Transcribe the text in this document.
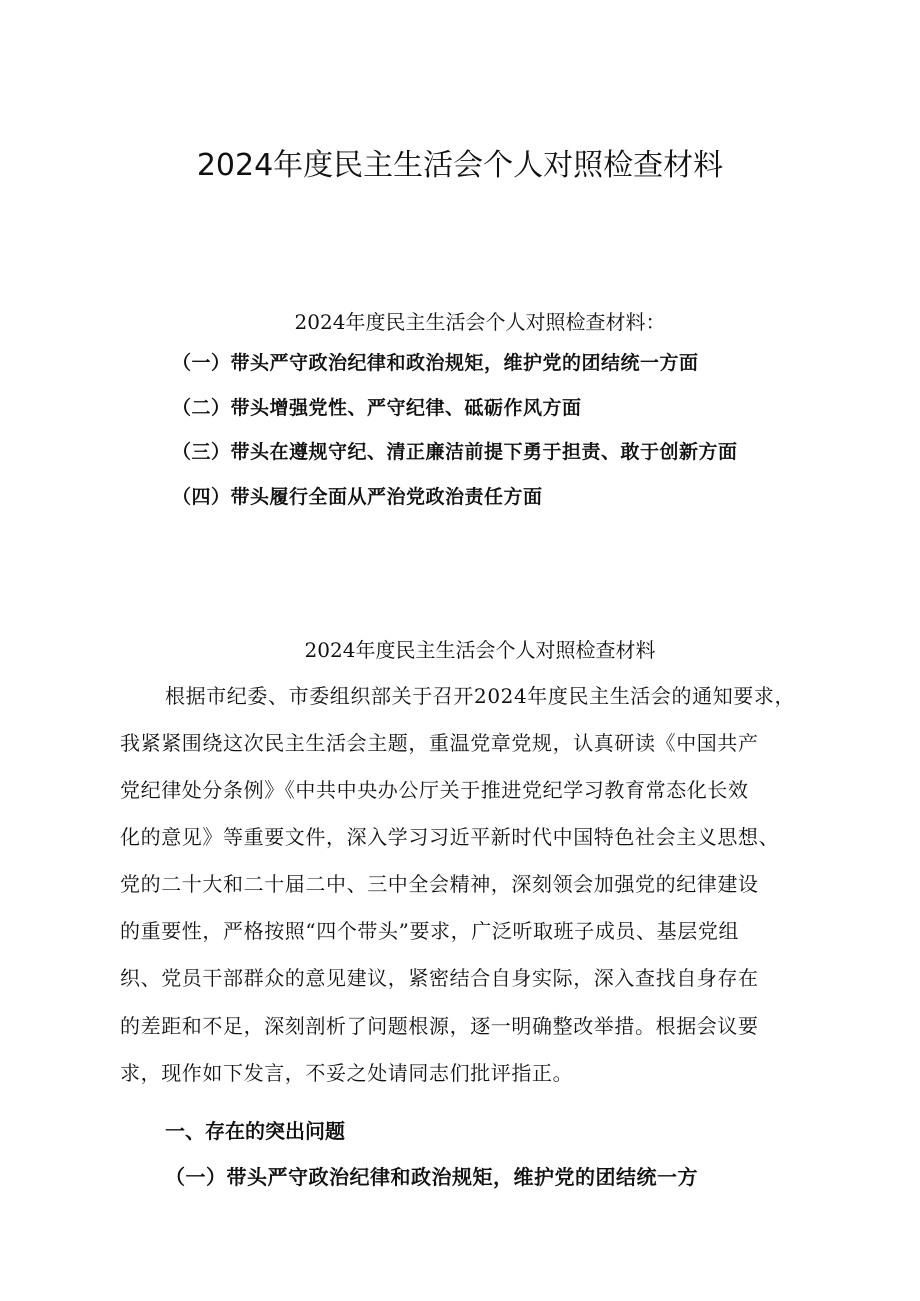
2024年度民主生活会个人对照检查材料
2024年度民主生活会个人对照检查材料：
（一）带头严守政治纪律和政治规矩，维护党的团结统一方面
（二）带头增强党性、严守纪律、砥砺作风方面
（三）带头在遵规守纪、清正廉洁前提下勇于担责、敢于创新方面
（四）带头履行全面从严治党政治责任方面
2024年度民主生活会个人对照检查材料
根据市纪委、市委组织部关于召开2024年度民主生活会的通知要求，
我紧紧围绕这次民主生活会主题，重温党章党规，认真研读《中国共产
党纪律处分条例》《中共中央办公厅关于推进党纪学习教育常态化长效
化的意见》等重要文件，深入学习习近平新时代中国特色社会主义思想、
党的二十大和二十届二中、三中全会精神，深刻领会加强党的纪律建设
的重要性，严格按照“四个带头”要求，广泛听取班子成员、基层党组
织、党员干部群众的意见建议，紧密结合自身实际，深入查找自身存在
的差距和不足，深刻剖析了问题根源，逐一明确整改举措。根据会议要
求，现作如下发言，不妥之处请同志们批评指正。
一、存在的突出问题
（一）带头严守政治纪律和政治规矩，维护党的团结统一方
